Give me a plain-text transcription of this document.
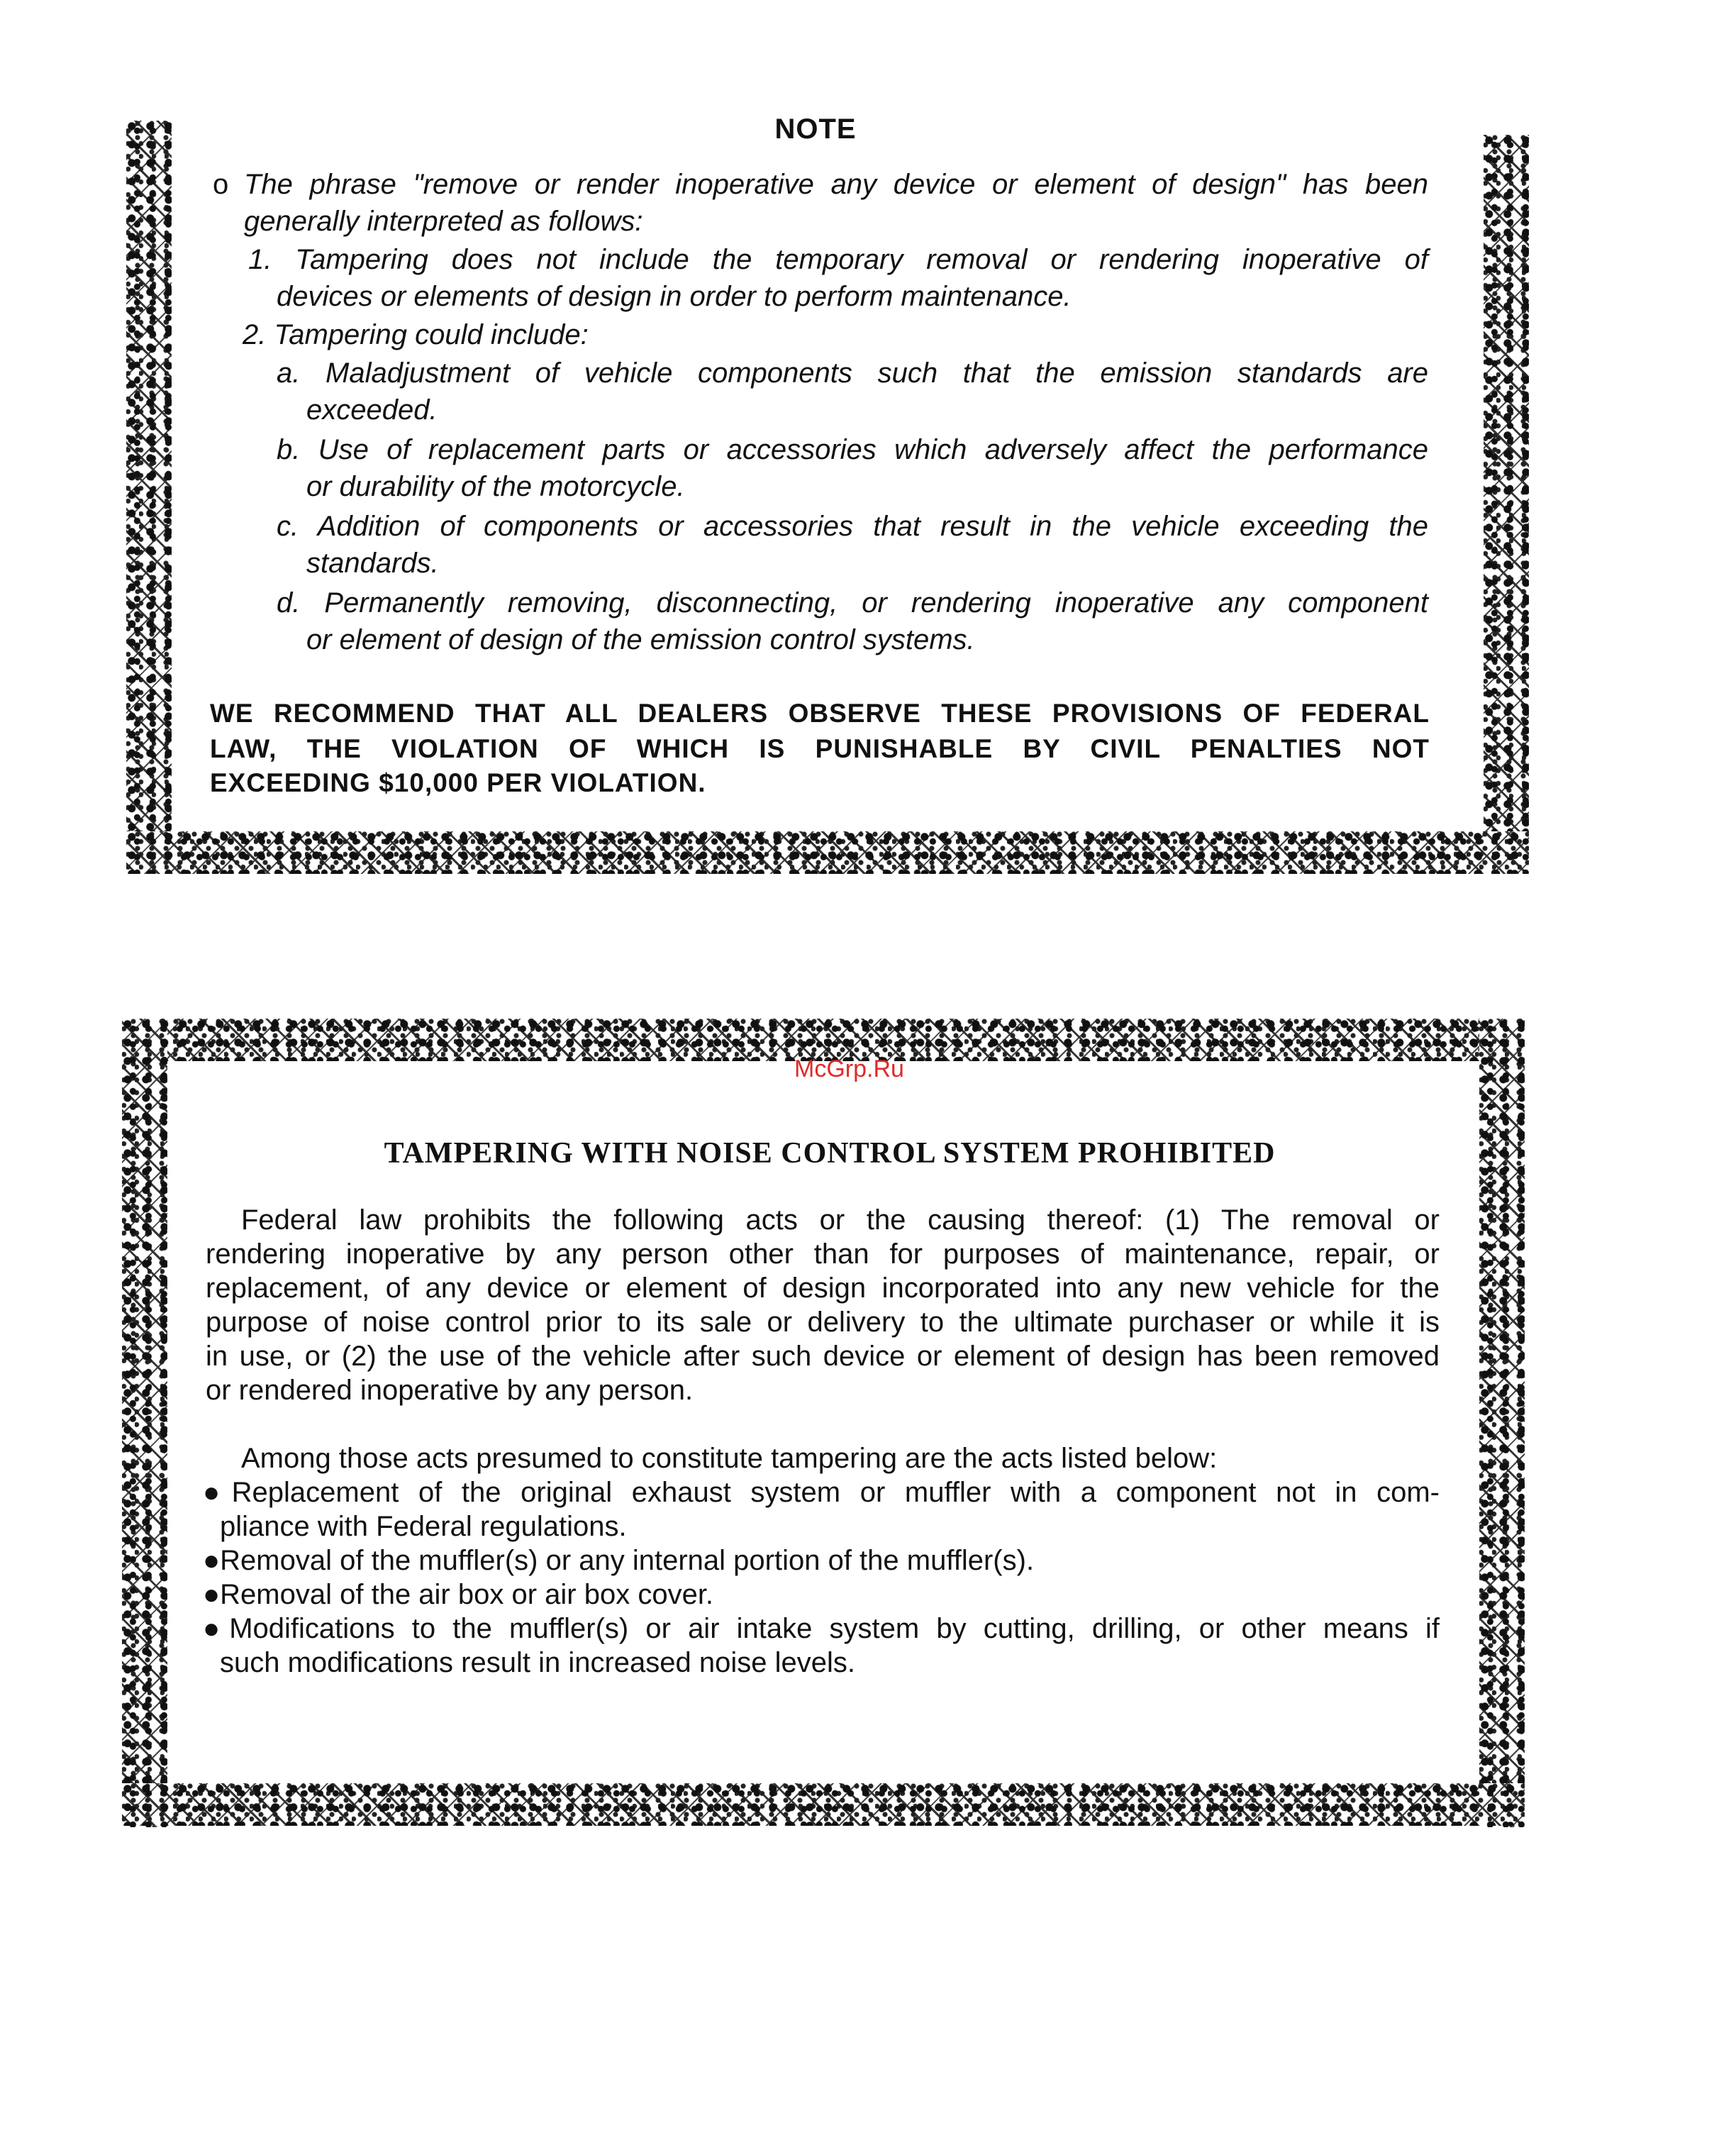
NOTE
o The phrase "remove or render inoperative any device or element of design" has been
generally interpreted as follows:
1. Tampering does not include the temporary removal or rendering inoperative of
devices or elements of design in order to perform maintenance.
2. Tampering could include:
a. Maladjustment of vehicle components such that the emission standards are
exceeded.
b. Use of replacement parts or accessories which adversely affect the performance
or durability of the motorcycle.
c. Addition of components or accessories that result in the vehicle exceeding the
standards.
d. Permanently removing, disconnecting, or rendering inoperative any component
or element of design of the emission control systems.
WE RECOMMEND THAT ALL DEALERS OBSERVE THESE PROVISIONS OF FEDERAL
LAW, THE VIOLATION OF WHICH IS PUNISHABLE BY CIVIL PENALTIES NOT
EXCEEDING $10,000 PER VIOLATION.
McGrp.Ru
TAMPERING WITH NOISE CONTROL SYSTEM PROHIBITED
Federal law prohibits the following acts or the causing thereof: (1) The removal or
rendering inoperative by any person other than for purposes of maintenance, repair, or
replacement, of any device or element of design incorporated into any new vehicle for the
purpose of noise control prior to its sale or delivery to the ultimate purchaser or while it is
in use, or (2) the use of the vehicle after such device or element of design has been removed
or rendered inoperative by any person.
Among those acts presumed to constitute tampering are the acts listed below:
●Replacement of the original exhaust system or muffler with a component not in com-
pliance with Federal regulations.
●Removal of the muffler(s) or any internal portion of the muffler(s).
●Removal of the air box or air box cover.
●Modifications to the muffler(s) or air intake system by cutting, drilling, or other means if
such modifications result in increased noise levels.
